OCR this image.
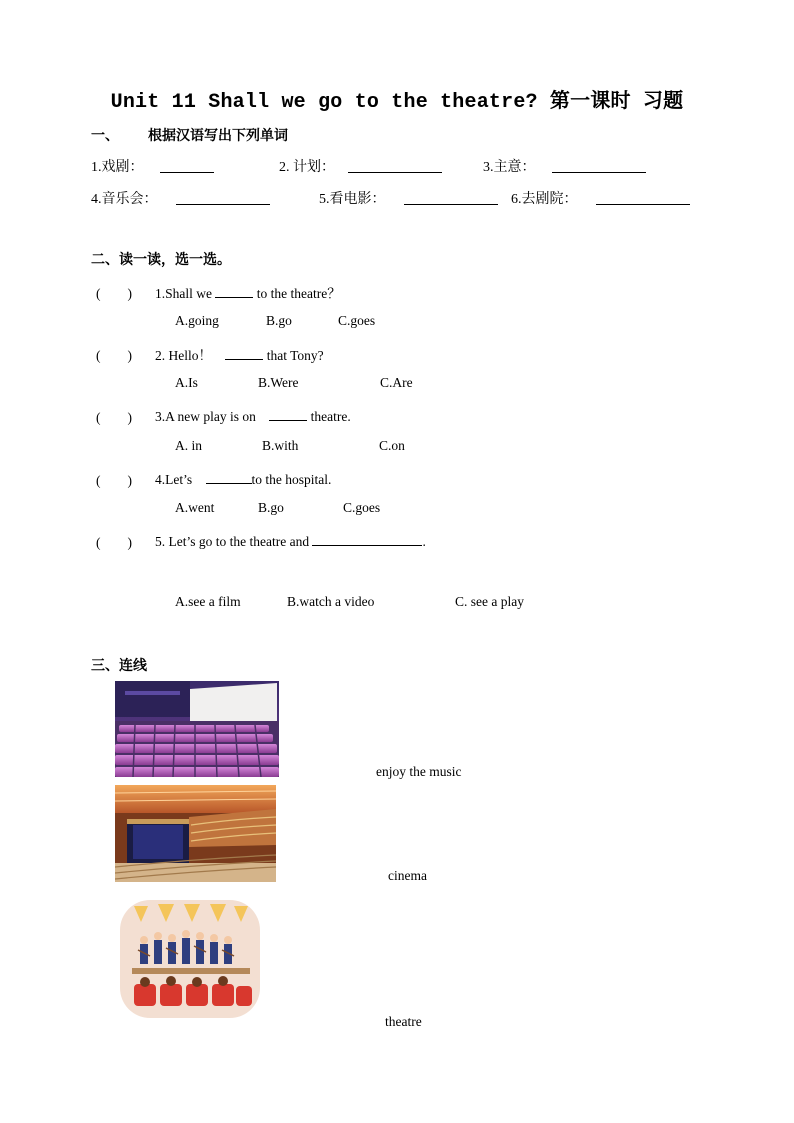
Unit 11 Shall we go to the theatre? 第一课时 习题
一、 根据汉语写出下列单词
1.戏剧：	2. 计划：	3.主意：
4.音乐会：	5.看电影：	6.去剧院：
二、读一读，选一选。
(　　) 1.Shall we	to the theatre？
A.going	B.go	C.goes
(　　) 2. Hello！	that Tony?
A.Is	B.Were	C.Are
(　　) 3.A new play is on	theatre.
A. in	B.with	C.on
(　　) 4.Let’s	to the hospital.
A.went	B.go	C.goes
(　　) 5. Let’s go to the theatre and	.
A.see a film	B.watch a video	C. see a play
三、连线
enjoy the music
cinema
theatre
